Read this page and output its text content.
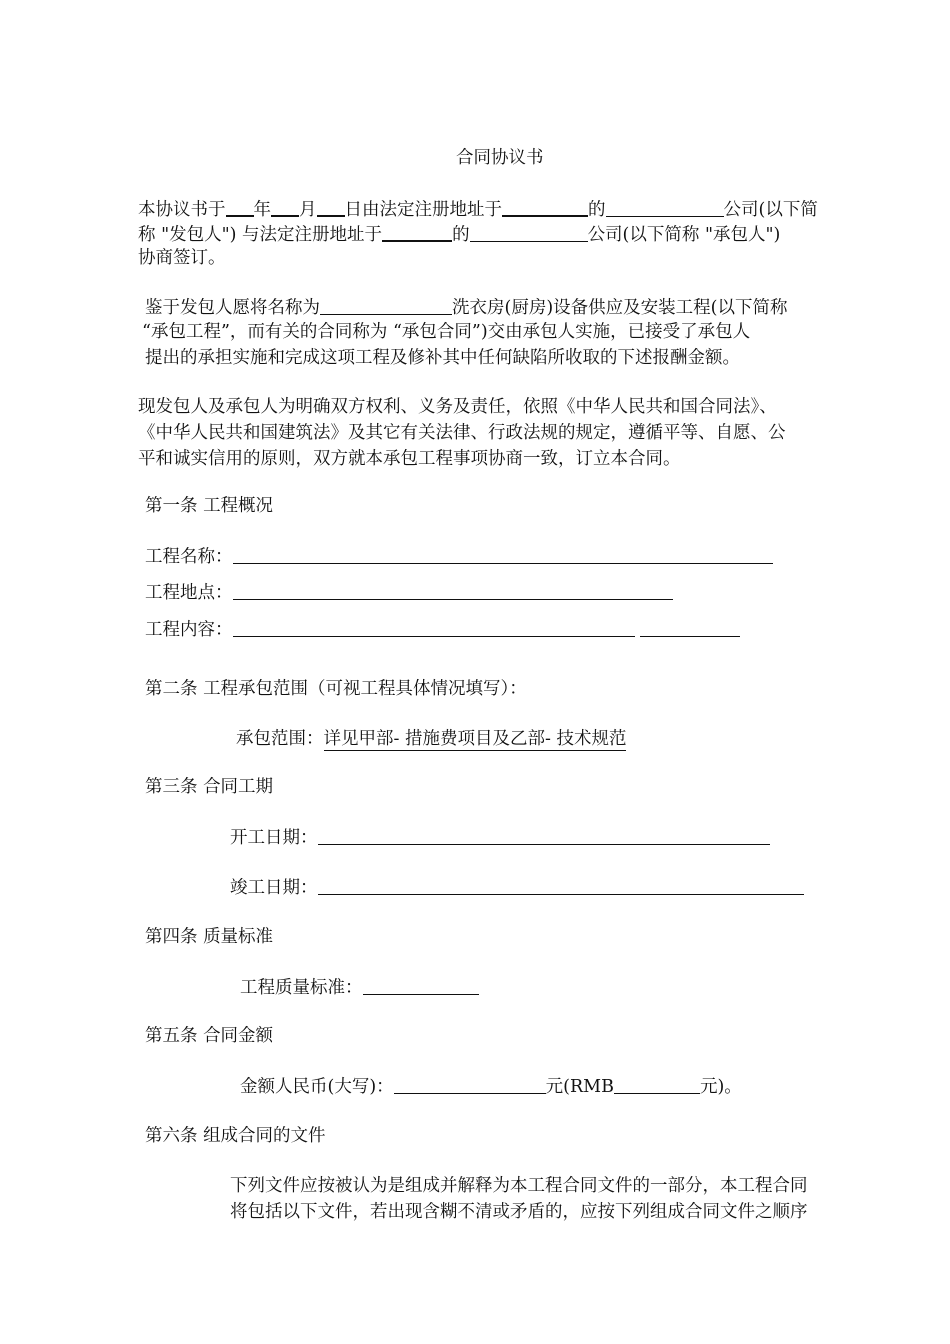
合同协议书
本协议书于 年 月 日由法定注册地址于	的	公司(以下简
称 "发包人") 与法定注册地址于	的	公司(以下简称 "承包人")
协商签订。
鉴于发包人愿将名称为	洗衣房(厨房)设备供应及安装工程(以下简称
“承包工程”，而有关的合同称为 “承包合同”)交由承包人实施，已接受了承包人
提出的承担实施和完成这项工程及修补其中任何缺陷所收取的下述报酬金额。
现发包人及承包人为明确双方权利、义务及责任，依照《中华人民共和国合同法》、
《中华人民共和国建筑法》及其它有关法律、行政法规的规定，遵循平等、自愿、公
平和诚实信用的原则，双方就本承包工程事项协商一致，订立本合同。
第一条 工程概况
工程名称：
工程地点：
工程内容：
第二条 工程承包范围（可视工程具体情况填写）：
承包范围：详见甲部- 措施费项目及乙部- 技术规范
第三条 合同工期
开工日期：
竣工日期：
第四条 质量标准
工程质量标准：
第五条 合同金额
金额人民币(大写)：	元(RMB	元)。
第六条 组成合同的文件
下列文件应按被认为是组成并解释为本工程合同文件的一部分，本工程合同
将包括以下文件，若出现含糊不清或矛盾的，应按下列组成合同文件之顺序
